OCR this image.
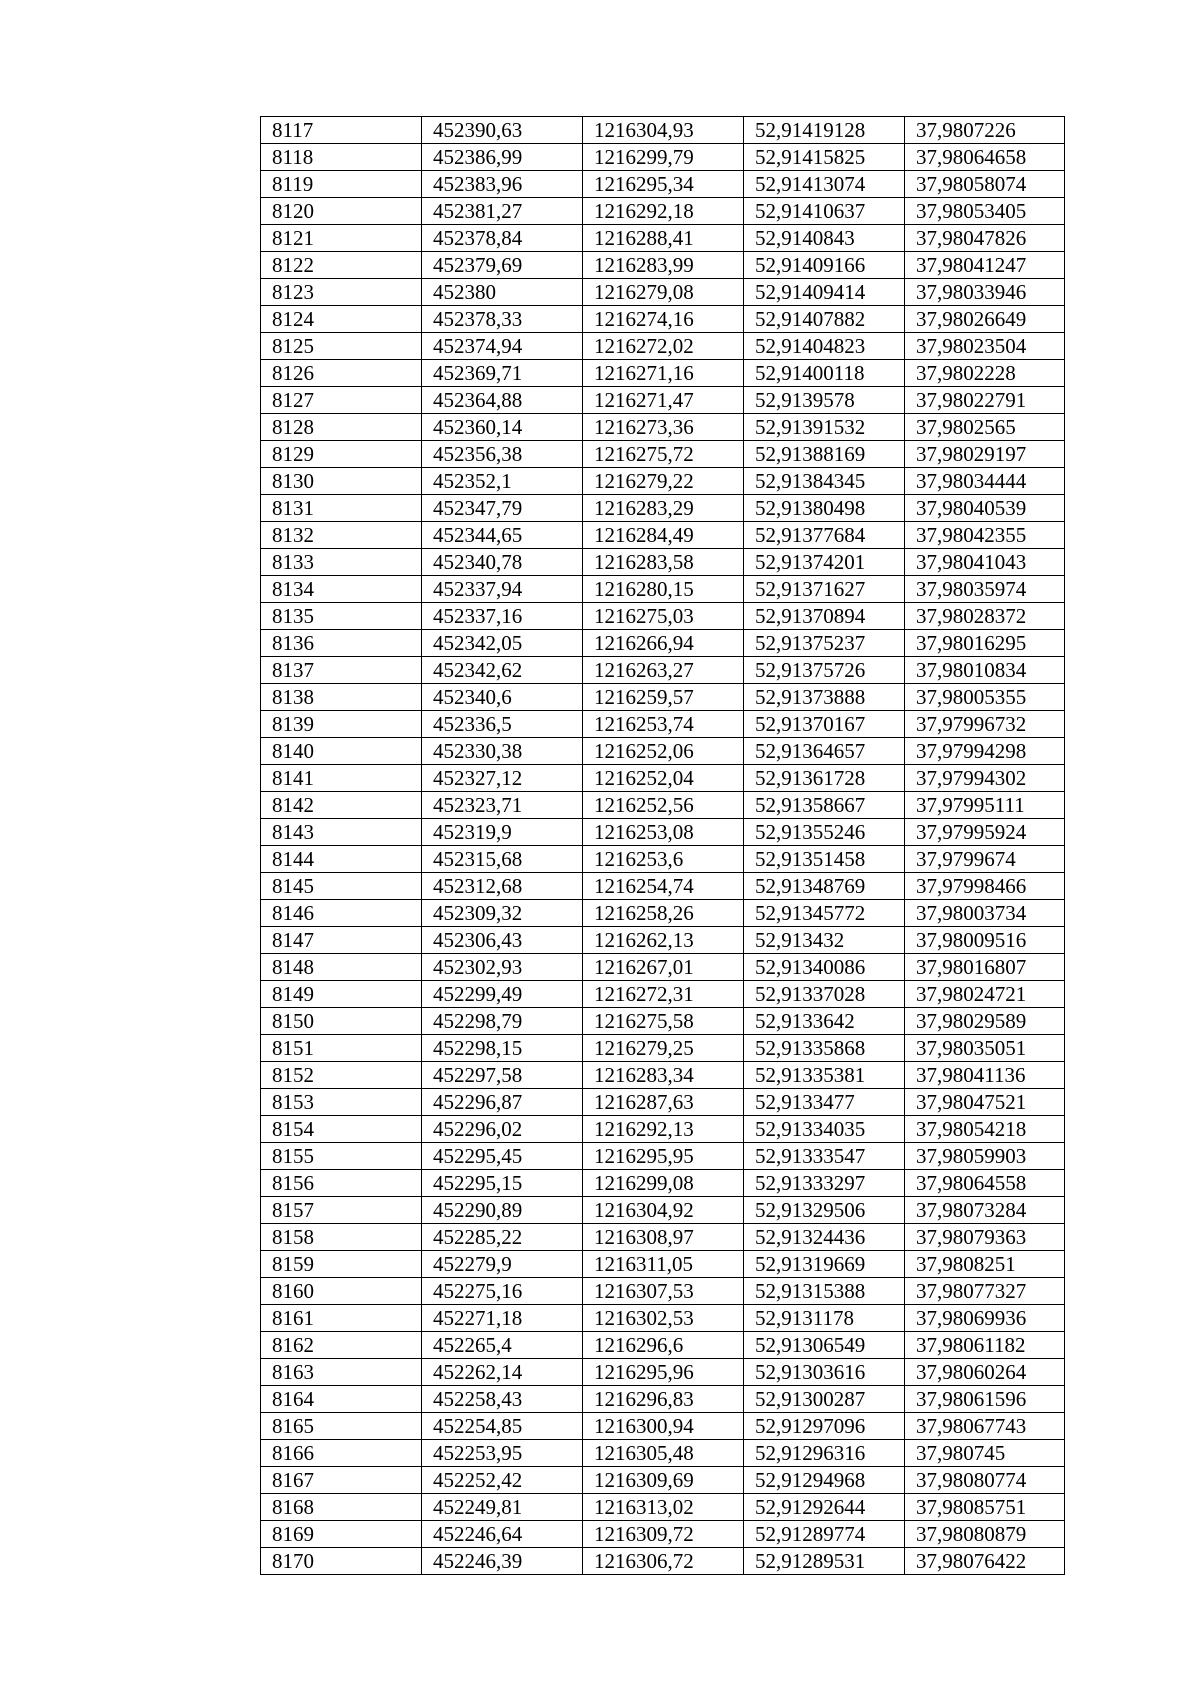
8117	452390,63	1216304,93	52,91419128	37,9807226
8118	452386,99	1216299,79	52,91415825	37,98064658
8119	452383,96	1216295,34	52,91413074	37,98058074
8120	452381,27	1216292,18	52,91410637	37,98053405
8121	452378,84	1216288,41	52,9140843	37,98047826
8122	452379,69	1216283,99	52,91409166	37,98041247
8123	452380	1216279,08	52,91409414	37,98033946
8124	452378,33	1216274,16	52,91407882	37,98026649
8125	452374,94	1216272,02	52,91404823	37,98023504
8126	452369,71	1216271,16	52,91400118	37,9802228
8127	452364,88	1216271,47	52,9139578	37,98022791
8128	452360,14	1216273,36	52,91391532	37,9802565
8129	452356,38	1216275,72	52,91388169	37,98029197
8130	452352,1	1216279,22	52,91384345	37,98034444
8131	452347,79	1216283,29	52,91380498	37,98040539
8132	452344,65	1216284,49	52,91377684	37,98042355
8133	452340,78	1216283,58	52,91374201	37,98041043
8134	452337,94	1216280,15	52,91371627	37,98035974
8135	452337,16	1216275,03	52,91370894	37,98028372
8136	452342,05	1216266,94	52,91375237	37,98016295
8137	452342,62	1216263,27	52,91375726	37,98010834
8138	452340,6	1216259,57	52,91373888	37,98005355
8139	452336,5	1216253,74	52,91370167	37,97996732
8140	452330,38	1216252,06	52,91364657	37,97994298
8141	452327,12	1216252,04	52,91361728	37,97994302
8142	452323,71	1216252,56	52,91358667	37,97995111
8143	452319,9	1216253,08	52,91355246	37,97995924
8144	452315,68	1216253,6	52,91351458	37,9799674
8145	452312,68	1216254,74	52,91348769	37,97998466
8146	452309,32	1216258,26	52,91345772	37,98003734
8147	452306,43	1216262,13	52,913432	37,98009516
8148	452302,93	1216267,01	52,91340086	37,98016807
8149	452299,49	1216272,31	52,91337028	37,98024721
8150	452298,79	1216275,58	52,9133642	37,98029589
8151	452298,15	1216279,25	52,91335868	37,98035051
8152	452297,58	1216283,34	52,91335381	37,98041136
8153	452296,87	1216287,63	52,9133477	37,98047521
8154	452296,02	1216292,13	52,91334035	37,98054218
8155	452295,45	1216295,95	52,91333547	37,98059903
8156	452295,15	1216299,08	52,91333297	37,98064558
8157	452290,89	1216304,92	52,91329506	37,98073284
8158	452285,22	1216308,97	52,91324436	37,98079363
8159	452279,9	1216311,05	52,91319669	37,9808251
8160	452275,16	1216307,53	52,91315388	37,98077327
8161	452271,18	1216302,53	52,9131178	37,98069936
8162	452265,4	1216296,6	52,91306549	37,98061182
8163	452262,14	1216295,96	52,91303616	37,98060264
8164	452258,43	1216296,83	52,91300287	37,98061596
8165	452254,85	1216300,94	52,91297096	37,98067743
8166	452253,95	1216305,48	52,91296316	37,980745
8167	452252,42	1216309,69	52,91294968	37,98080774
8168	452249,81	1216313,02	52,91292644	37,98085751
8169	452246,64	1216309,72	52,91289774	37,98080879
8170	452246,39	1216306,72	52,91289531	37,98076422
